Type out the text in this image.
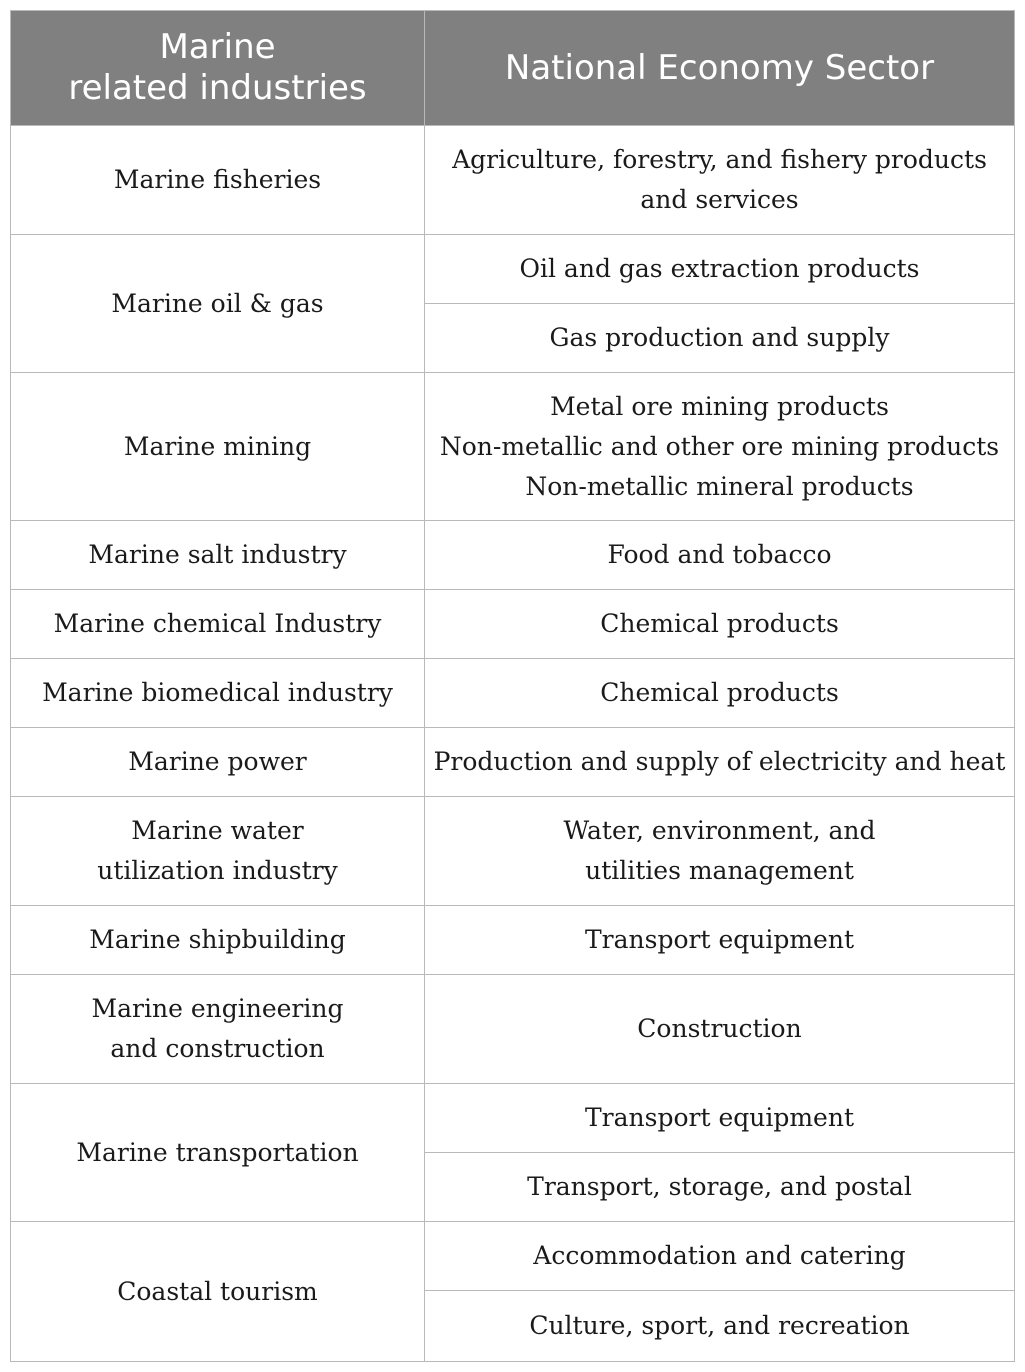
Marine
related industries	National Economy Sector
Marine fisheries	Agriculture, forestry, and fishery products
and services
Marine oil & gas	Oil and gas extraction products
	Gas production and supply
Marine mining	Metal ore mining products
Non-metallic and other ore mining products
Non-metallic mineral products
Marine salt industry	Food and tobacco
Marine chemical Industry	Chemical products
Marine biomedical industry	Chemical products
Marine power	Production and supply of electricity and heat
Marine water
utilization industry	Water, environment, and
utilities management
Marine shipbuilding	Transport equipment
Marine engineering
and construction	Construction
Marine transportation	Transport equipment
	Transport, storage, and postal
Coastal tourism	Accommodation and catering
	Culture, sport, and recreation
